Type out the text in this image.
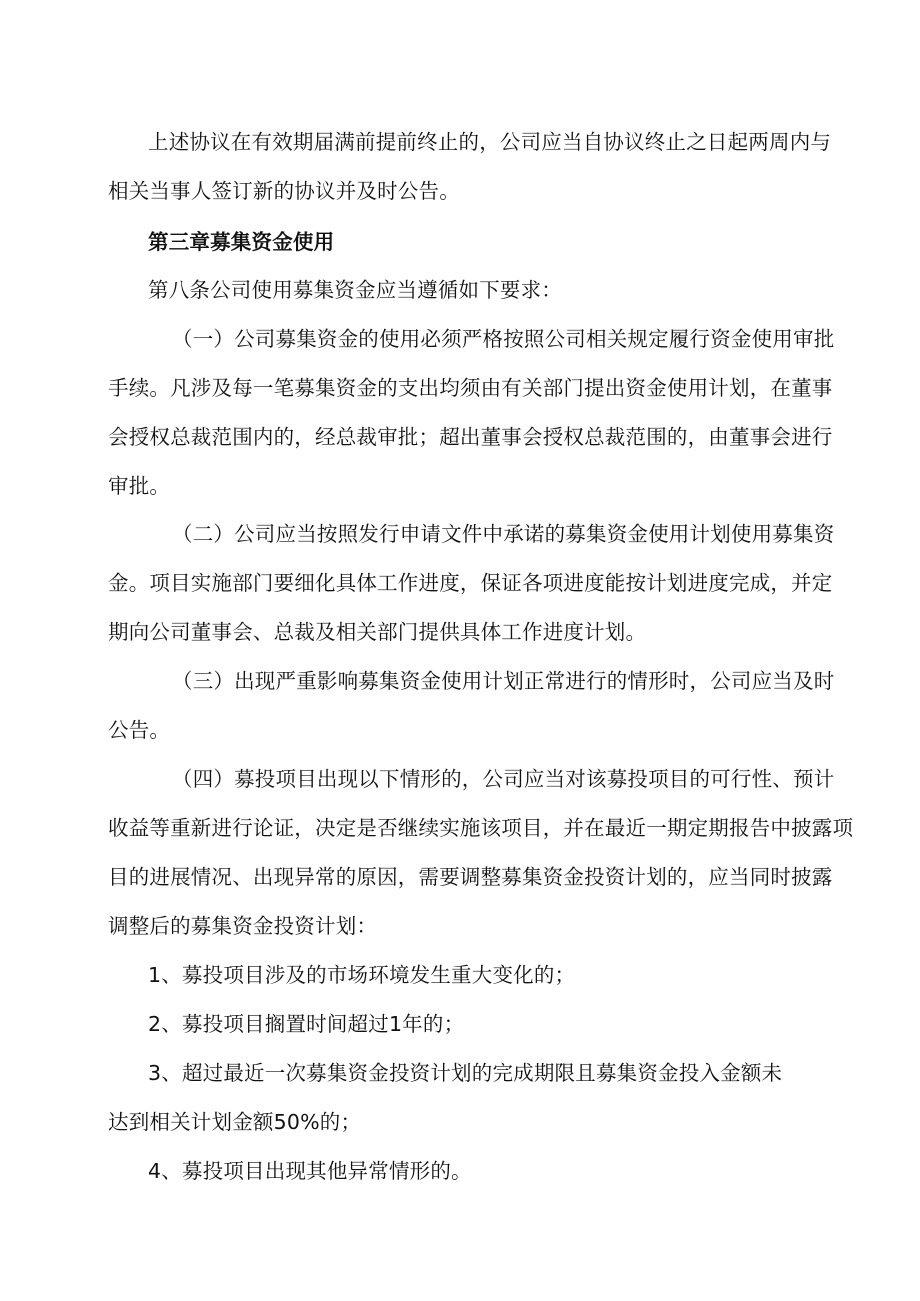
上述协议在有效期届满前提前终止的，公司应当自协议终止之日起两周内与
相关当事人签订新的协议并及时公告。
第三章募集资金使用
第八条公司使用募集资金应当遵循如下要求：
（一）公司募集资金的使用必须严格按照公司相关规定履行资金使用审批
手续。凡涉及每一笔募集资金的支出均须由有关部门提出资金使用计划，在董事
会授权总裁范围内的，经总裁审批；超出董事会授权总裁范围的，由董事会进行
审批。
（二）公司应当按照发行申请文件中承诺的募集资金使用计划使用募集资
金。项目实施部门要细化具体工作进度，保证各项进度能按计划进度完成，并定
期向公司董事会、总裁及相关部门提供具体工作进度计划。
（三）出现严重影响募集资金使用计划正常进行的情形时，公司应当及时
公告。
（四）募投项目出现以下情形的，公司应当对该募投项目的可行性、预计
收益等重新进行论证，决定是否继续实施该项目，并在最近一期定期报告中披露项
目的进展情况、出现异常的原因，需要调整募集资金投资计划的，应当同时披露
调整后的募集资金投资计划：
1、募投项目涉及的市场环境发生重大变化的；
2、募投项目搁置时间超过1年的；
3、超过最近一次募集资金投资计划的完成期限且募集资金投入金额未
达到相关计划金额50%的；
4、募投项目出现其他异常情形的。
